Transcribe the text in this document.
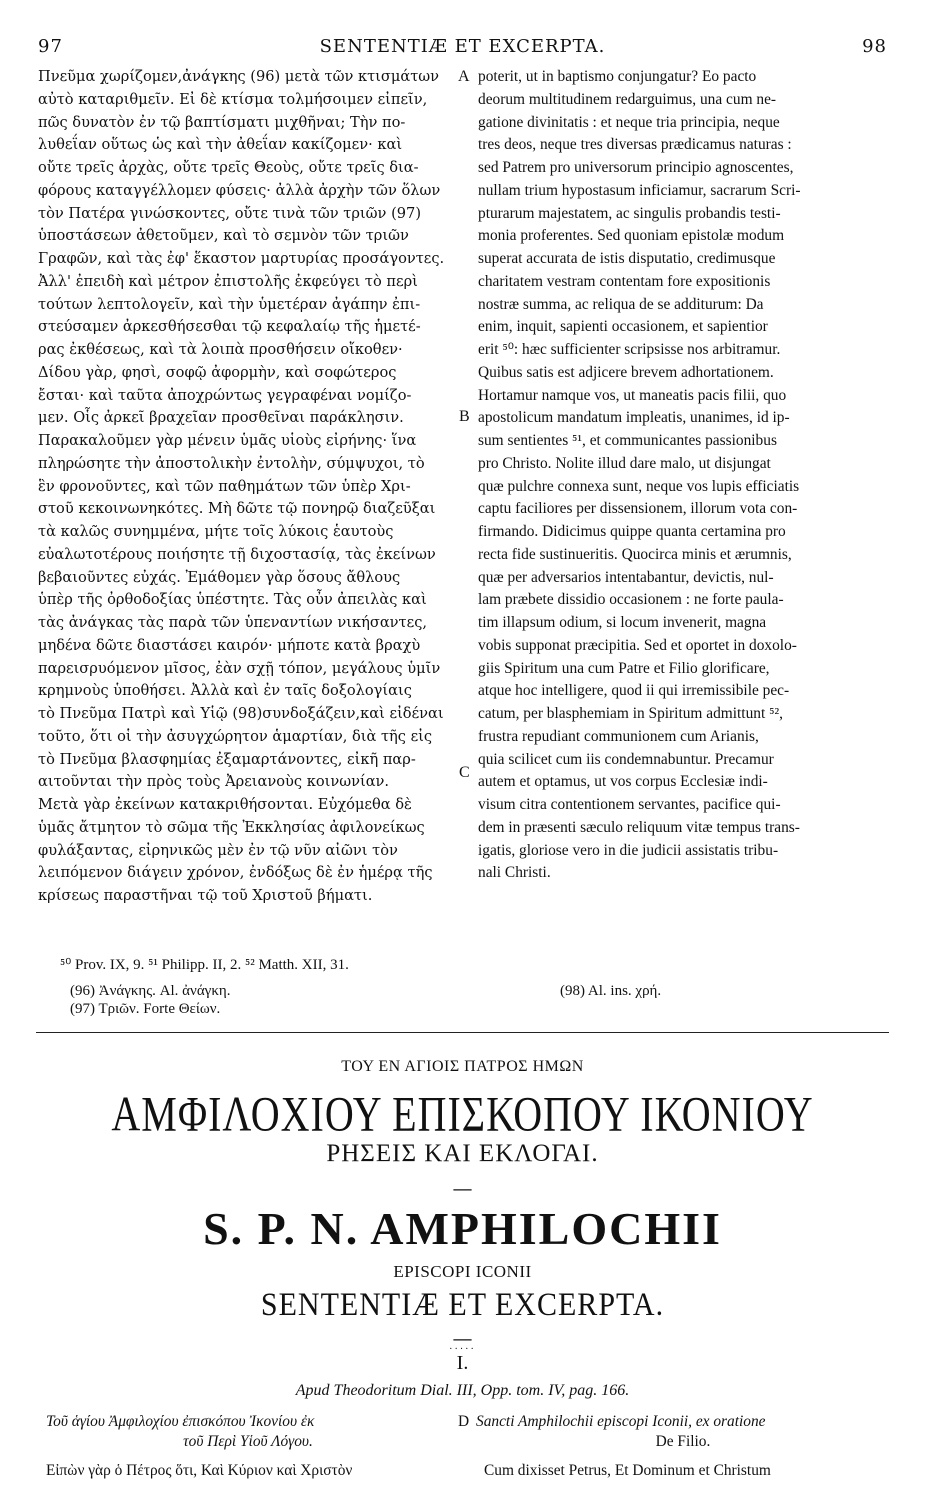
97	SENTENTIÆ ET EXCERPTA.	98
Πνεῦμα χωρίζομεν,ἀνάγκης (96) μετὰ τῶν κτισμάτων
αὐτὸ καταριθμεῖν. Εἰ δὲ κτίσμα τολμήσοιμεν εἰπεῖν,
πῶς δυνατὸν ἐν τῷ βαπτίσματι μιχθῆναι; Τὴν πο-
λυθεΐαν οὕτως ὡς καὶ τὴν ἀθεΐαν κακίζομεν· καὶ
οὔτε τρεῖς ἀρχὰς, οὔτε τρεῖς Θεοὺς, οὔτε τρεῖς δια-
φόρους καταγγέλλομεν φύσεις· ἀλλὰ ἀρχὴν τῶν ὅλων
τὸν Πατέρα γινώσκοντες, οὔτε τινὰ τῶν τριῶν (97)
ὑποστάσεων ἀθετοῦμεν, καὶ τὸ σεμνὸν τῶν τριῶν
Γραφῶν, καὶ τὰς ἐφ' ἕκαστον μαρτυρίας προσάγοντες.
Ἀλλ' ἐπειδὴ καὶ μέτρον ἐπιστολῆς ἐκφεύγει τὸ περὶ
τούτων λεπτολογεῖν, καὶ τὴν ὑμετέραν ἀγάπην ἐπι-
στεύσαμεν ἀρκεσθήσεσθαι τῷ κεφαλαίῳ τῆς ἡμετέ-
ρας ἐκθέσεως, καὶ τὰ λοιπὰ προσθήσειν οἴκοθεν·
Δίδου γὰρ, φησὶ, σοφῷ ἀφορμὴν, καὶ σοφώτερος
ἔσται· καὶ ταῦτα ἀποχρώντως γεγραφέναι νομίζο-
μεν. Οἷς ἀρκεῖ βραχεῖαν προσθεῖναι παράκλησιν.
Παρακαλοῦμεν γὰρ μένειν ὑμᾶς υἱοὺς εἰρήνης· ἵνα
πληρώσητε τὴν ἀποστολικὴν ἐντολὴν, σύμψυχοι, τὸ
ἓν φρονοῦντες, καὶ τῶν παθημάτων τῶν ὑπὲρ Χρι-
στοῦ κεκοινωνηκότες. Μὴ δῶτε τῷ πονηρῷ διαζεῦξαι
τὰ καλῶς συνημμένα, μήτε τοῖς λύκοις ἑαυτοὺς
εὐαλωτοτέρους ποιήσητε τῇ διχοστασίᾳ, τὰς ἐκείνων
βεβαιοῦντες εὐχάς. Ἐμάθομεν γὰρ ὅσους ἄθλους
ὑπὲρ τῆς ὀρθοδοξίας ὑπέστητε. Τὰς οὖν ἀπειλὰς καὶ
τὰς ἀνάγκας τὰς παρὰ τῶν ὑπεναντίων νικήσαντες,
μηδένα δῶτε διαστάσει καιρόν· μήποτε κατὰ βραχὺ
παρεισρυόμενον μῖσος, ἐὰν σχῇ τόπον, μεγάλους ὑμῖν
κρημνοὺς ὑποθήσει. Ἀλλὰ καὶ ἐν ταῖς δοξολογίαις
τὸ Πνεῦμα Πατρὶ καὶ Υἱῷ (98)συνδοξάζειν,καὶ εἰδέναι
τοῦτο, ὅτι οἱ τὴν ἀσυγχώρητον ἁμαρτίαν, διὰ τῆς εἰς
τὸ Πνεῦμα βλασφημίας ἐξαμαρτάνοντες, εἰκῆ παρ-
αιτοῦνται τὴν πρὸς τοὺς Ἀρειανοὺς κοινωνίαν.
Μετὰ γὰρ ἐκείνων κατακριθήσονται. Εὐχόμεθα δὲ
ὑμᾶς ἄτμητον τὸ σῶμα τῆς Ἐκκλησίας ἀφιλονείκως
φυλάξαντας, εἰρηνικῶς μὲν ἐν τῷ νῦν αἰῶνι τὸν
λειπόμενον διάγειν χρόνον, ἐνδόξως δὲ ἐν ἡμέρᾳ τῆς
κρίσεως παραστῆναι τῷ τοῦ Χριστοῦ βήματι.
poterit, ut in baptismo conjungatur? Eo pacto
deorum multitudinem redarguimus, una cum ne-
gatione divinitatis : et neque tria principia, neque
tres deos, neque tres diversas prædicamus naturas :
sed Patrem pro universorum principio agnoscentes,
nullam trium hypostasum inficiamur, sacrarum Scri-
pturarum majestatem, ac singulis probandis testi-
monia proferentes. Sed quoniam epistolæ modum
superat accurata de istis disputatio, credimusque
charitatem vestram contentam fore expositionis
nostræ summa, ac reliqua de se additurum: Da
enim, inquit, sapienti occasionem, et sapientior
erit ⁵⁰: hæc sufficienter scripsisse nos arbitramur.
Quibus satis est adjicere brevem adhortationem.
Hortamur namque vos, ut maneatis pacis filii, quo
apostolicum mandatum impleatis, unanimes, id ip-
sum sentientes ⁵¹, et communicantes passionibus
pro Christo. Nolite illud dare malo, ut disjungat
quæ pulchre connexa sunt, neque vos lupis efficiatis
captu faciliores per dissensionem, illorum vota con-
firmando. Didicimus quippe quanta certamina pro
recta fide sustinueritis. Quocirca minis et ærumnis,
quæ per adversarios intentabantur, devictis, nul-
lam præbete dissidio occasionem : ne forte paula-
tim illapsum odium, si locum invenerit, magna
vobis supponat præcipitia. Sed et oportet in doxolo-
giis Spiritum una cum Patre et Filio glorificare,
atque hoc intelligere, quod ii qui irremissibile pec-
catum, per blasphemiam in Spiritum admittunt ⁵²,
frustra repudiant communionem cum Arianis,
quia scilicet cum iis condemnabuntur. Precamur
autem et optamus, ut vos corpus Ecclesiæ indi-
visum citra contentionem servantes, pacifice qui-
dem in præsenti sæculo reliquum vitæ tempus trans-
igatis, gloriose vero in die judicii assistatis tribu-
nali Christi.
A
B
C
⁵⁰ Prov. IX, 9. ⁵¹ Philipp. II, 2. ⁵² Matth. XII, 31.
(96) Ἀνάγκης. Al. ἀνάγκη.
(97) Τριῶν. Forte Θείων.
(98) Al. ins. χρή.
ΤΟΥ ΕΝ ΑΓΙΟΙΣ ΠΑΤΡΟΣ ΗΜΩΝ
ΑΜΦΙΛΟΧΙΟΥ ΕΠΙΣΚΟΠΟΥ ΙΚΟΝΙΟΥ
ΡΗΣΕΙΣ ΚΑΙ ΕΚΛΟΓΑΙ.
—
S. P. N. AMPHILOCHII
EPISCOPI ICONII
SENTENTIÆ ET EXCERPTA.
—
·····
I.
Apud Theodoritum Dial. III, Opp. tom. IV, pag. 166.
Τοῦ ἁγίου Ἀμφιλοχίου ἐπισκόπου Ἰκονίου ἐκ
τοῦ Περὶ Υἱοῦ Λόγου.
D Sancti Amphilochii episcopi Iconii, ex oratione
De Filio.
Εἰπὼν γὰρ ὁ Πέτρος ὅτι, Καὶ Κύριον καὶ Χριστὸν	Cum dixisset Petrus, Et Dominum et Christum
